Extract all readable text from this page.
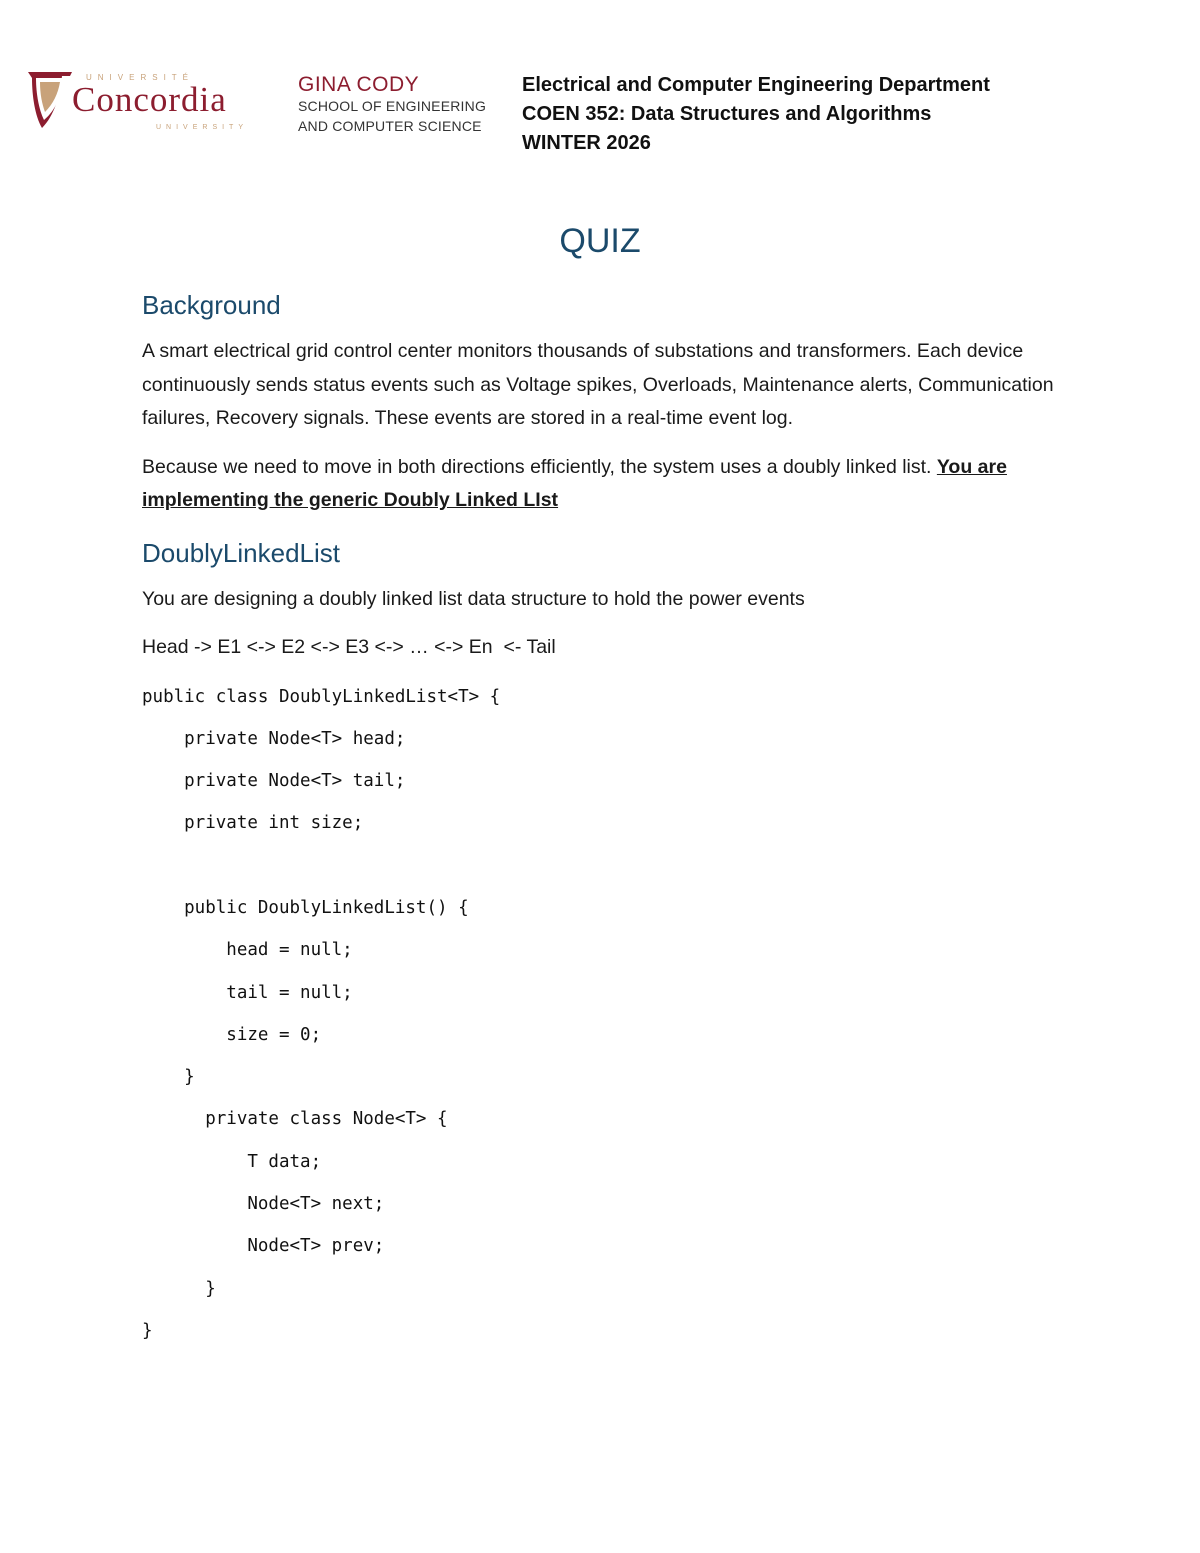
UNIVERSITÉ
Concordia
UNIVERSITY
GINA CODY
SCHOOL OF ENGINEERING
AND COMPUTER SCIENCE
Electrical and Computer Engineering Department
COEN 352: Data Structures and Algorithms
WINTER 2026
QUIZ
Background

A smart electrical grid control center monitors thousands of substations and transformers. Each device continuously sends status events such as Voltage spikes, Overloads, Maintenance alerts, Communication failures, Recovery signals. These events are stored in a real-time event log.

Because we need to move in both directions efficiently, the system uses a doubly linked list. You are implementing the generic Doubly Linked LIst

DoublyLinkedList

You are designing a doubly linked list data structure to hold the power events

Head -> E1 <-> E2 <-> E3 <-> … <-> En  <- Tail

public class DoublyLinkedList<T> {
private Node<T> head;
private Node<T> tail;
private int size;
public DoublyLinkedList() {
head = null;
tail = null;
size = 0;
}
private class Node<T> {
T data;
Node<T> next;
Node<T> prev;
}
}
